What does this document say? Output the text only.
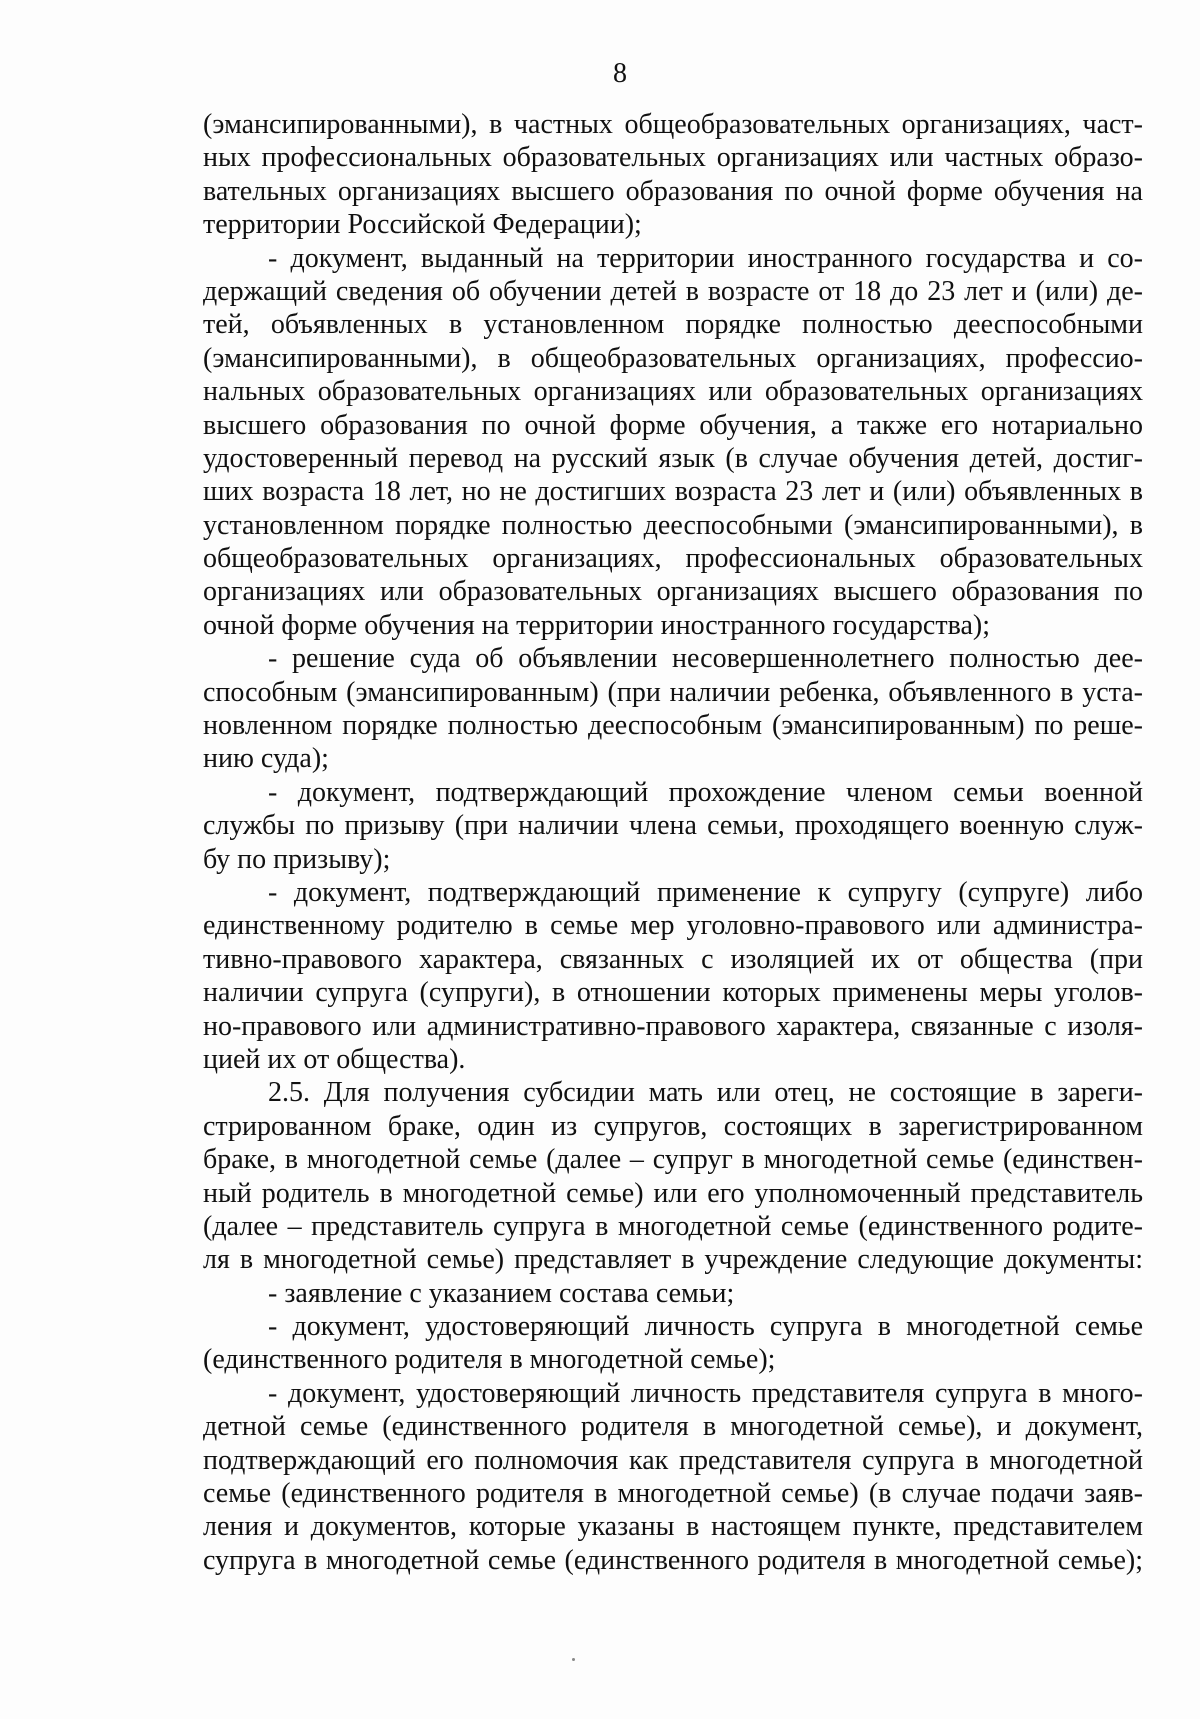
8
(эмансипированными), в частных общеобразовательных организациях, част-
ных профессиональных образовательных организациях или частных образо-
вательных организациях высшего образования по очной форме обучения на
территории Российской Федерации);
- документ, выданный на территории иностранного государства и со-
держащий сведения об обучении детей в возрасте от 18 до 23 лет и (или) де-
тей, объявленных в установленном порядке полностью дееспособными
(эмансипированными), в общеобразовательных организациях, профессио-
нальных образовательных организациях или образовательных организациях
высшего образования по очной форме обучения, а также его нотариально
удостоверенный перевод на русский язык (в случае обучения детей, достиг-
ших возраста 18 лет, но не достигших возраста 23 лет и (или) объявленных в
установленном порядке полностью дееспособными (эмансипированными), в
общеобразовательных организациях, профессиональных образовательных
организациях или образовательных организациях высшего образования по
очной форме обучения на территории иностранного государства);
- решение суда об объявлении несовершеннолетнего полностью дее-
способным (эмансипированным) (при наличии ребенка, объявленного в уста-
новленном порядке полностью дееспособным (эмансипированным) по реше-
нию суда);
- документ, подтверждающий прохождение членом семьи военной
службы по призыву (при наличии члена семьи, проходящего военную служ-
бу по призыву);
- документ, подтверждающий применение к супругу (супруге) либо
единственному родителю в семье мер уголовно-правового или администра-
тивно-правового характера, связанных с изоляцией их от общества (при
наличии супруга (супруги), в отношении которых применены меры уголов-
но-правового или административно-правового характера, связанные с изоля-
цией их от общества).
2.5. Для получения субсидии мать или отец, не состоящие в зареги-
стрированном браке, один из супругов, состоящих в зарегистрированном
браке, в многодетной семье (далее – супруг в многодетной семье (единствен-
ный родитель в многодетной семье) или его уполномоченный представитель
(далее – представитель супруга в многодетной семье (единственного родите-
ля в многодетной семье) представляет в учреждение следующие документы:
- заявление с указанием состава семьи;
- документ, удостоверяющий личность супруга в многодетной семье
(единственного родителя в многодетной семье);
- документ, удостоверяющий личность представителя супруга в много-
детной семье (единственного родителя в многодетной семье), и документ,
подтверждающий его полномочия как представителя супруга в многодетной
семье (единственного родителя в многодетной семье) (в случае подачи заяв-
ления и документов, которые указаны в настоящем пункте, представителем
супруга в многодетной семье (единственного родителя в многодетной семье);
